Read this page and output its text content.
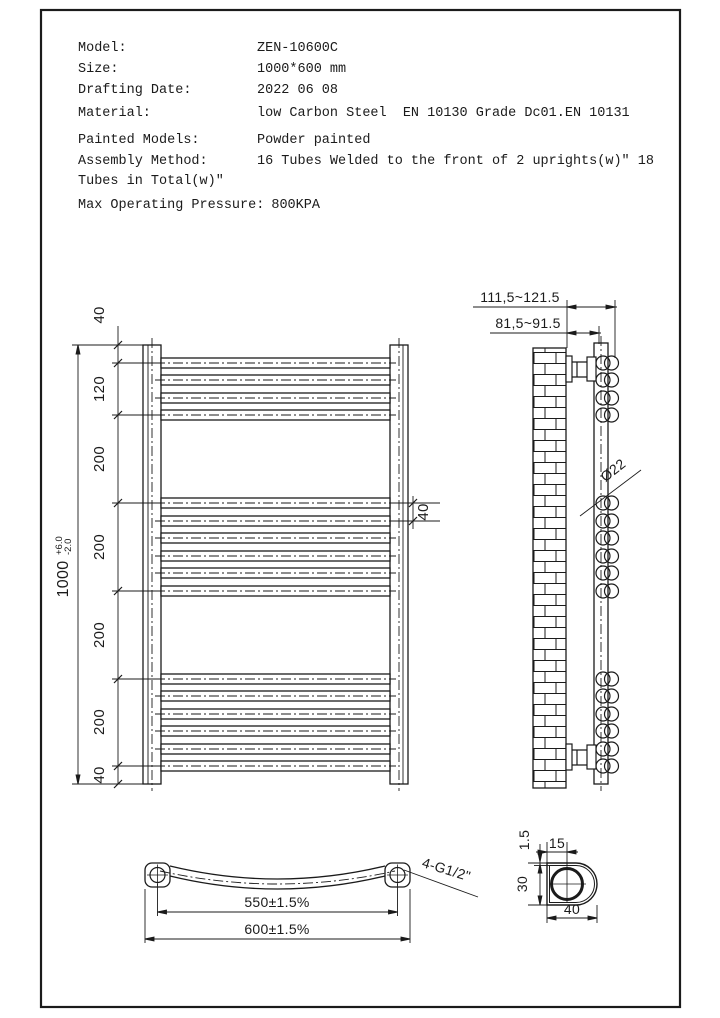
40
120
200
200
200
200
40
1000
+6.0
-2.0
40
111,5~121.5
81,5~91.5
Ø22
550±1.5%
600±1.5%
4-G1/2"
1.5 15
30
40
Model:	ZEN-10600C
Size:	1000*600 mm
Drafting Date:	2022 06 08
Material:	low Carbon Steel  EN 10130 Grade Dc01.EN 10131
Painted Models:	Powder painted
Assembly Method:	16 Tubes Welded to the front of 2 uprights(w)" 18
Tubes in Total(w)"
Max Operating Pressure: 800KPA
